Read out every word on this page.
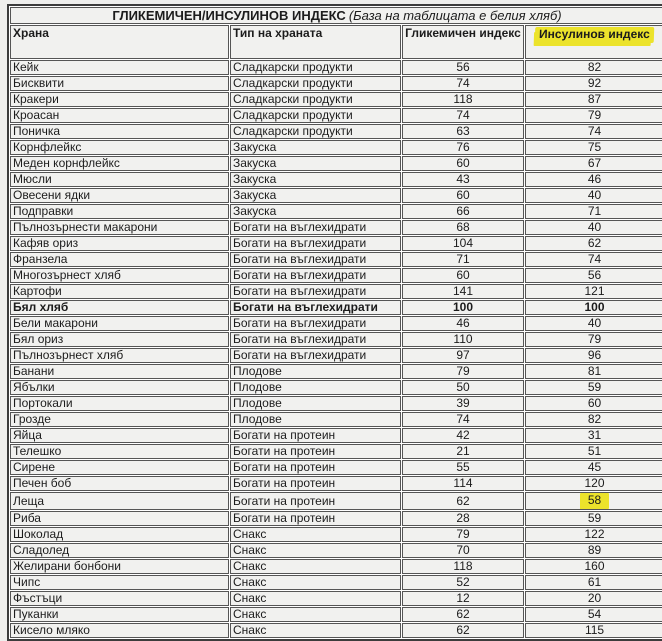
ГЛИКЕМИЧЕН/ИНСУЛИНОВ ИНДЕКС (База на таблицата е белия хляб)			
Храна	Тип на храната	Гликемичен индекс	Инсулинов индекс
Кейк	Сладкарски продукти	56	82
Бисквити	Сладкарски продукти	74	92
Кракери	Сладкарски продукти	118	87
Кроасан	Сладкарски продукти	74	79
Поничка	Сладкарски продукти	63	74
Корнфлейкс	Закуска	76	75
Меден корнфлейкс	Закуска	60	67
Мюсли	Закуска	43	46
Овесени ядки	Закуска	60	40
Подправки	Закуска	66	71
Пълнозърнести макарони	Богати на въглехидрати	68	40
Кафяв ориз	Богати на въглехидрати	104	62
Франзела	Богати на въглехидрати	71	74
Многозърнест хляб	Богати на въглехидрати	60	56
Картофи	Богати на въглехидрати	141	121
Бял хляб	Богати на въглехидрати	100	100
Бели макарони	Богати на въглехидрати	46	40
Бял ориз	Богати на въглехидрати	110	79
Пълнозърнест хляб	Богати на въглехидрати	97	96
Банани	Плодове	79	81
Ябълки	Плодове	50	59
Портокали	Плодове	39	60
Грозде	Плодове	74	82
Яйца	Богати на протеин	42	31
Телешко	Богати на протеин	21	51
Сирене	Богати на протеин	55	45
Печен боб	Богати на протеин	114	120
Леща	Богати на протеин	62	58
Риба	Богати на протеин	28	59
Шоколад	Снакс	79	122
Сладолед	Снакс	70	89
Желирани бонбони	Снакс	118	160
Чипс	Снакс	52	61
Фъстъци	Снакс	12	20
Пуканки	Снакс	62	54
Кисело мляко	Снакс	62	115
